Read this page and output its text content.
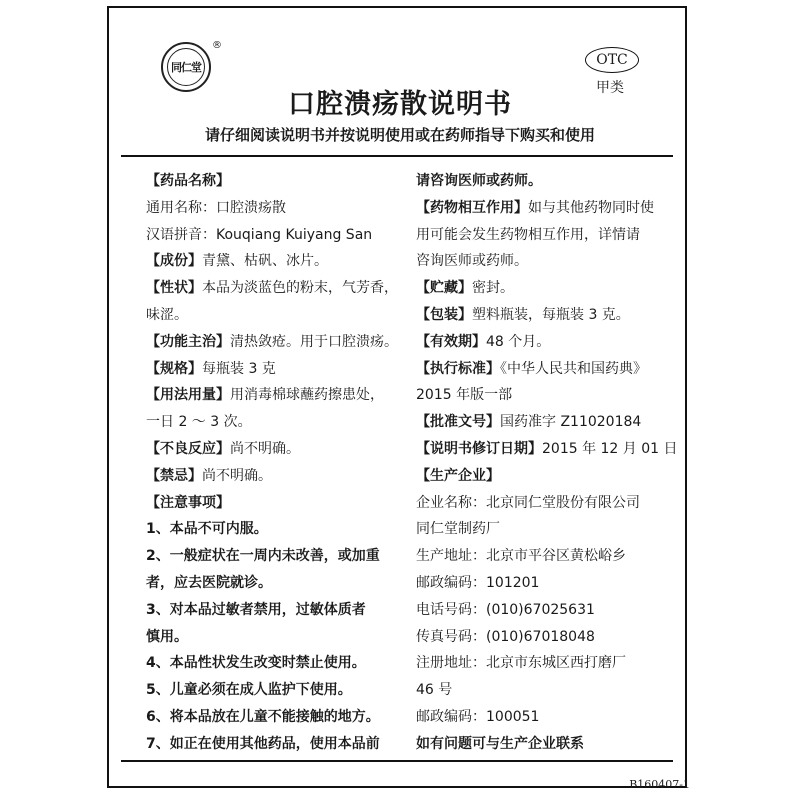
同仁堂
®
OTC
甲类
口腔溃疡散说明书
请仔细阅读说明书并按说明使用或在药师指导下购买和使用
【药品名称】
通用名称：口腔溃疡散
汉语拼音：Kouqiang Kuiyang San
【成份】青黛、枯矾、冰片。
【性状】本品为淡蓝色的粉末，气芳香，
味涩。
【功能主治】清热敛疮。用于口腔溃疡。
【规格】每瓶装 3 克
【用法用量】用消毒棉球蘸药擦患处，
一日 2 ～ 3 次。
【不良反应】尚不明确。
【禁忌】尚不明确。
【注意事项】
1、本品不可内服。
2、一般症状在一周内未改善，或加重
者，应去医院就诊。
3、对本品过敏者禁用，过敏体质者
慎用。
4、本品性状发生改变时禁止使用。
5、儿童必须在成人监护下使用。
6、将本品放在儿童不能接触的地方。
7、如正在使用其他药品，使用本品前
请咨询医师或药师。
【药物相互作用】如与其他药物同时使
用可能会发生药物相互作用，详情请
咨询医师或药师。
【贮藏】密封。
【包装】塑料瓶装，每瓶装 3 克。
【有效期】48 个月。
【执行标准】《中华人民共和国药典》
2015 年版一部
【批准文号】国药准字 Z11020184
【说明书修订日期】2015 年 12 月 01 日
【生产企业】
企业名称：北京同仁堂股份有限公司
同仁堂制药厂
生产地址：北京市平谷区黄松峪乡
邮政编码：101201
电话号码：(010)67025631
传真号码：(010)67018048
注册地址：北京市东城区西打磨厂
46 号
邮政编码：100051
如有问题可与生产企业联系
B160407-1
